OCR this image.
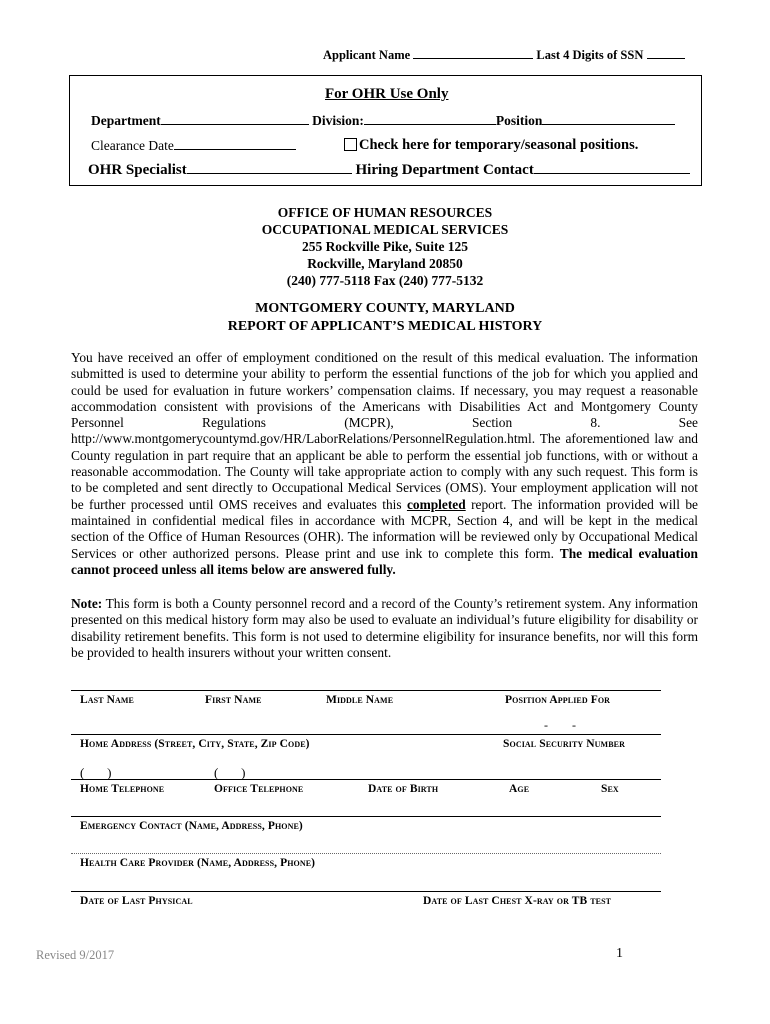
Applicant Name	Last 4 Digits of SSN
For OHR Use Only
Department	Division:	Position
Clearance Date	Check here for temporary/seasonal positions.
OHR Specialist	Hiring Department Contact
OFFICE OF HUMAN RESOURCES
OCCUPATIONAL MEDICAL SERVICES
255 Rockville Pike, Suite 125
Rockville, Maryland 20850
(240) 777-5118 Fax (240) 777-5132
MONTGOMERY COUNTY, MARYLAND
REPORT OF APPLICANT’S MEDICAL HISTORY
You have received an offer of employment conditioned on the result of this medical evaluation. The information submitted is used to determine your ability to perform the essential functions of the job for which you applied and could be used for evaluation in future workers’ compensation claims. If necessary, you may request a reasonable accommodation consistent with provisions of the Americans with Disabilities Act and Montgomery County Personnel Regulations (MCPR), Section 8. See http://www.montgomerycountymd.gov/HR/LaborRelations/PersonnelRegulation.html. The aforementioned law and County regulation in part require that an applicant be able to perform the essential job functions, with or without a reasonable accommodation. The County will take appropriate action to comply with any such request. This form is to be completed and sent directly to Occupational Medical Services (OMS). Your employment application will not be further processed until OMS receives and evaluates this completed report. The information provided will be maintained in confidential medical files in accordance with MCPR, Section 4, and will be kept in the medical section of the Office of Human Resources (OHR). The information will be reviewed only by Occupational Medical Services or other authorized persons. Please print and use ink to complete this form. The medical evaluation cannot proceed unless all items below are answered fully.
Note: This form is both a County personnel record and a record of the County’s retirement system. Any information presented on this medical history form may also be used to evaluate an individual’s future eligibility for disability or disability retirement benefits. This form is not used to determine eligibility for insurance benefits, nor will this form be provided to health insurers without your written consent.
Last Name	First Name	Middle Name	Position Applied For
-        -
Home Address (Street, City, State, Zip Code)	Social Security Number
(       )	(       )
Home Telephone	Office Telephone	Date of Birth	Age	Sex
Emergency Contact (Name, Address, Phone)
Health Care Provider (Name, Address, Phone)
Date of Last Physical	Date of Last Chest X-ray or TB test
Revised 9/2017	1
